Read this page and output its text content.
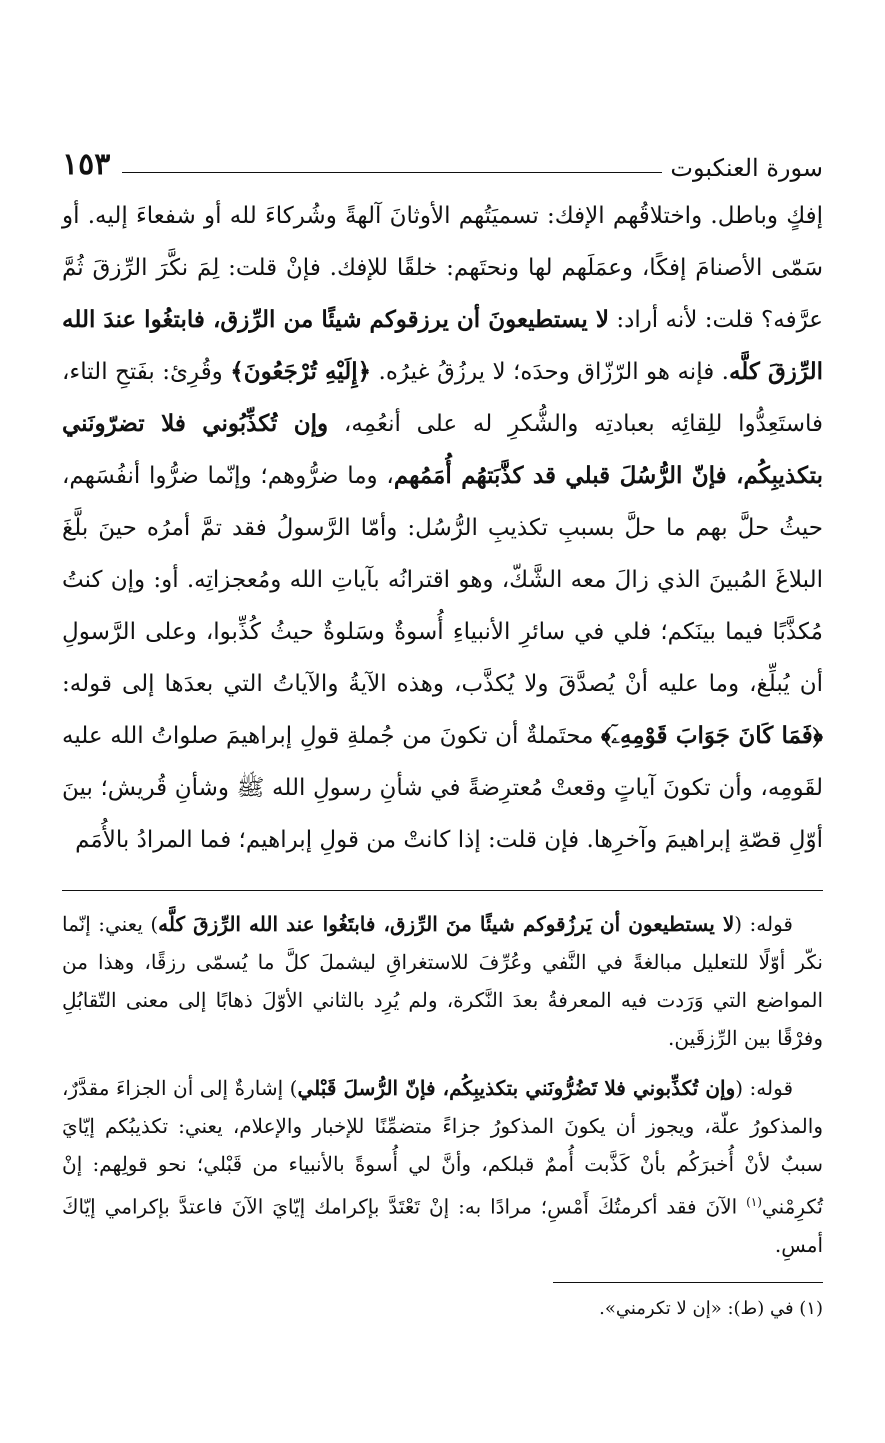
سورة العنكبوت
١٥٣

إفكٍ وباطل. واختلاقُهم الإفك: تسميَتُهم الأوثانَ آلهةً وشُركاءَ لله أو شفعاءَ إليه. أو سَمّى الأصنامَ إفكًا، وعمَلَهم لها ونحتَهم: خلقًا للإفك. فإنْ قلت: لِمَ نكَّرَ الرِّزقَ ثُمَّ عرَّفه؟ قلت: لأنه أراد: لا يستطيعونَ أن يرزقوكم شيئًا من الرِّزق، فابتغُوا عندَ الله الرِّزقَ كلَّه. فإنه هو الرّزّاق وحدَه؛ لا يرزُقُ غيرُه. ﴿إِلَيْهِ تُرْجَعُونَ﴾ وقُرِئ: بفَتحِ التاء، فاستَعِدُّوا للِقائِه بعبادتِه والشُّكرِ له على أنعُمِه، وإن تُكذِّبُوني فلا تضرّونَني بتكذيبِكُم، فإنّ الرُّسُلَ قبلي قد كذَّبَتهُم أُمَمُهم، وما ضرُّوهم؛ وإنّما ضرُّوا أنفُسَهم، حيثُ حلَّ بهم ما حلَّ بسببِ تكذيبِ الرُّسُل: وأمّا الرَّسولُ فقد تمَّ أمرُه حينَ بلَّغَ البلاغَ المُبينَ الذي زالَ معه الشَّكّ، وهو اقترانُه بآياتِ الله ومُعجزاتِه. أو: وإن كنتُ مُكذَّبًا فيما بينَكم؛ فلي في سائرِ الأنبياءِ أُسوةٌ وسَلوةٌ حيثُ كُذِّبوا، وعلى الرَّسولِ أن يُبلِّغ، وما عليه أنْ يُصدَّقَ ولا يُكذَّب، وهذه الآيةُ والآياتُ التي بعدَها إلى قوله: ﴿فَمَا كَانَ جَوَابَ قَوْمِهِۦٓ﴾ محتَملةٌ أن تكونَ من جُملةِ قولِ إبراهيمَ صلواتُ الله عليه لقَومِه، وأن تكونَ آياتٍ وقعتْ مُعترِضةً في شأنِ رسولِ الله ﷺ وشأنِ قُريش؛ بينَ أوّلِ قصّةِ إبراهيمَ وآخرِها. فإن قلت: إذا كانتْ من قولِ إبراهيم؛ فما المرادُ بالأُمَم

قوله: (لا يستطيعون أن يَرزُقوكم شيئًا منَ الرِّزق، فابتَغُوا عند الله الرِّزقَ كلَّه) يعني: إنّما نكّر أوّلًا للتعليل مبالغةً في النَّفي وعُرِّفَ للاستغراقِ ليشملَ كلَّ ما يُسمّى رزقًا، وهذا من المواضع التي وَرَدت فيه المعرفةُ بعدَ النَّكرة، ولم يُرِد بالثاني الأوّلَ ذهابًا إلى معنى التّقابُلِ وفرْقًا بين الرِّزقَين.

قوله: (وإن تُكذِّبوني فلا تَضُرُّونَني بتكذيبِكُم، فإنّ الرُّسلَ قَبْلي) إشارةٌ إلى أن الجزاءَ مقدَّرٌ، والمذكورُ علّة، ويجوز أن يكونَ المذكورُ جزاءً متضمِّنًا للإخبار والإعلام، يعني: تكذيبُكم إيّايَ سببٌ لأنْ أُخبرَكُم بأنْ كَذَّبت أُممٌ قبلكم، وأنَّ لي أُسوةً بالأنبياء من قَبْلي؛ نحو قولِهم: إنْ تُكرِمْني$^{(١)}$ الآنَ فقد أكرمتُكَ أَمْسِ؛ مرادًا به: إنْ تَعْتَدَّ بإكرامك إيّايَ الآنَ فاعتدَّ بإكرامي إيّاكَ أمسِ.

(١) في (ط): «إن لا تكرمني».
